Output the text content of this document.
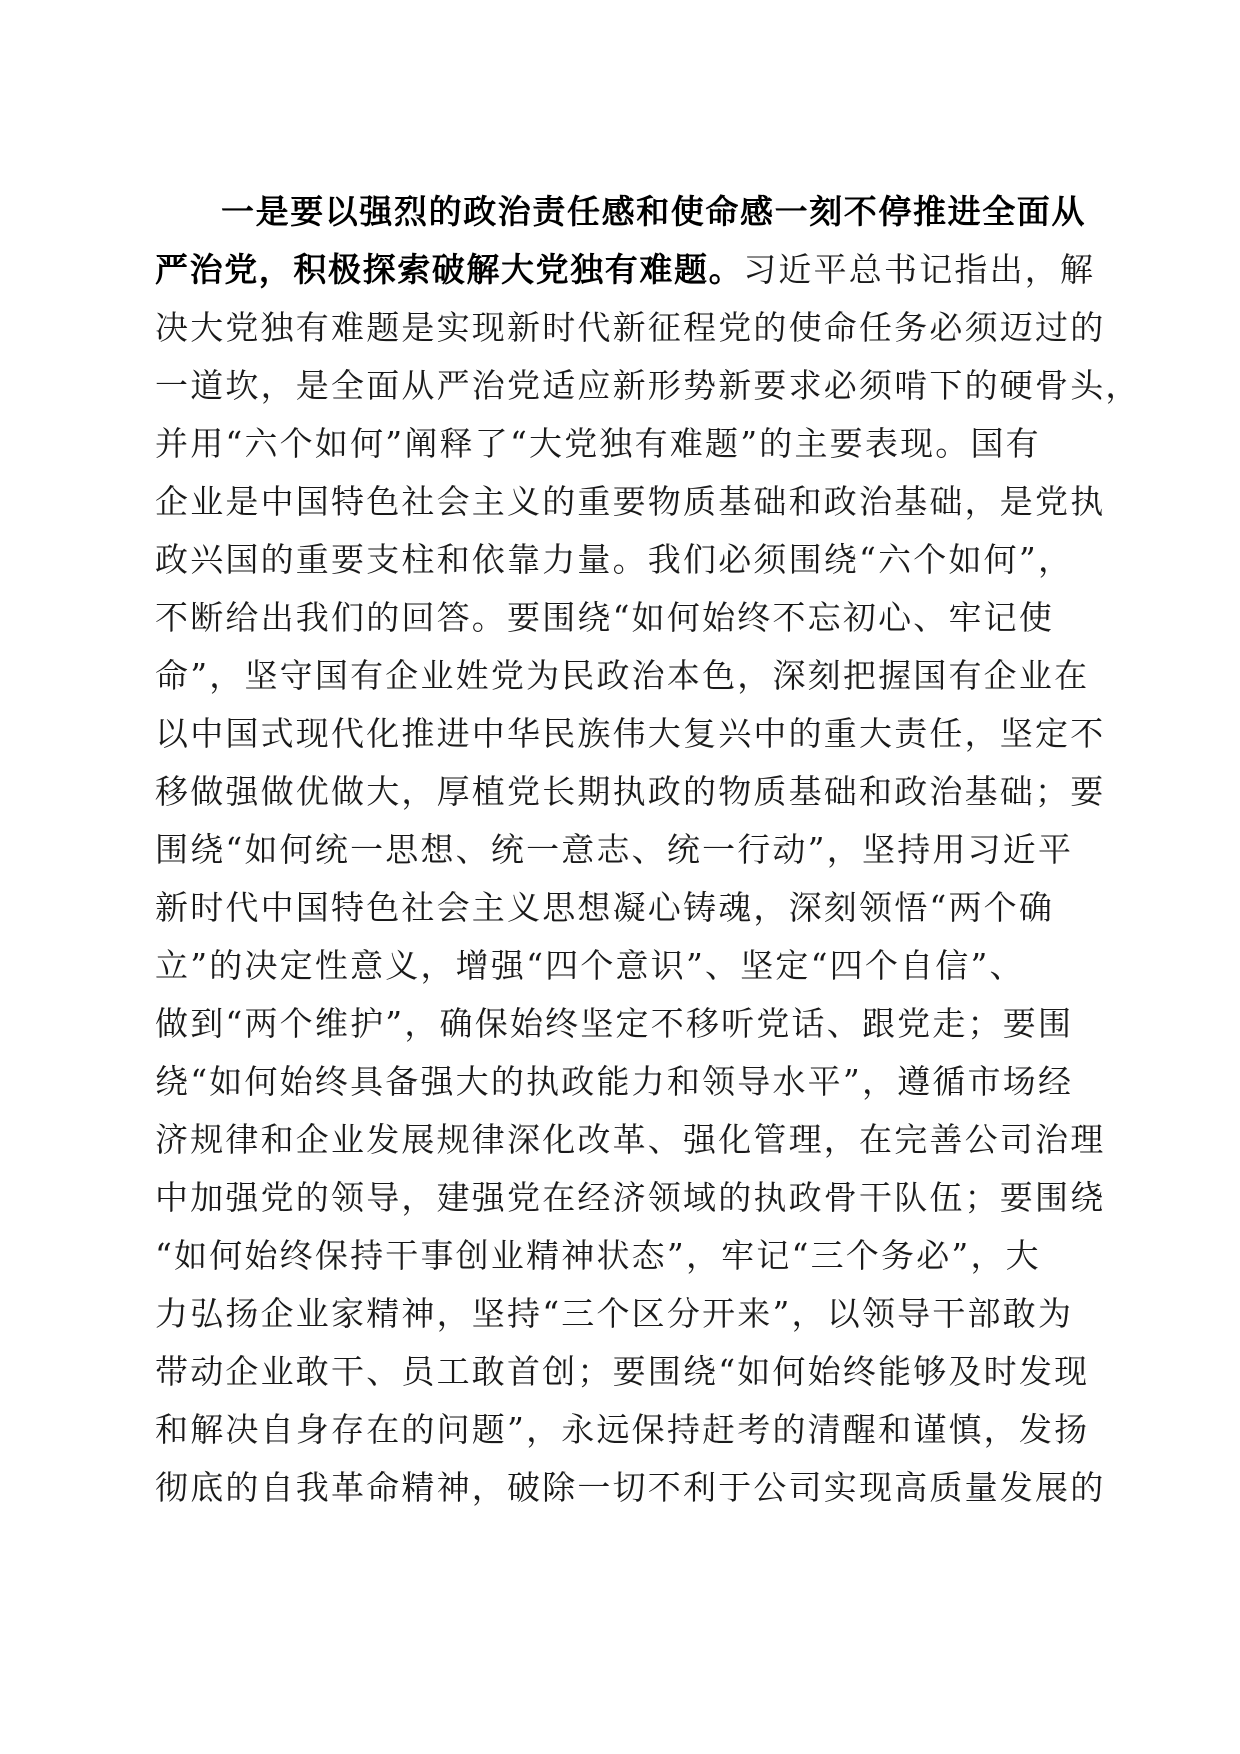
一是要以强烈的政治责任感和使命感一刻不停推进全面从
严治党，积极探索破解大党独有难题。习近平总书记指出，解
决大党独有难题是实现新时代新征程党的使命任务必须迈过的
一道坎，是全面从严治党适应新形势新要求必须啃下的硬骨头，
并用“六个如何”阐释了“大党独有难题”的主要表现。国有
企业是中国特色社会主义的重要物质基础和政治基础，是党执
政兴国的重要支柱和依靠力量。我们必须围绕“六个如何”，
不断给出我们的回答。要围绕“如何始终不忘初心、牢记使
命”，坚守国有企业姓党为民政治本色，深刻把握国有企业在
以中国式现代化推进中华民族伟大复兴中的重大责任，坚定不
移做强做优做大，厚植党长期执政的物质基础和政治基础；要
围绕“如何统一思想、统一意志、统一行动”，坚持用习近平
新时代中国特色社会主义思想凝心铸魂，深刻领悟“两个确
立”的决定性意义，增强“四个意识”、坚定“四个自信”、
做到“两个维护”，确保始终坚定不移听党话、跟党走；要围
绕“如何始终具备强大的执政能力和领导水平”，遵循市场经
济规律和企业发展规律深化改革、强化管理，在完善公司治理
中加强党的领导，建强党在经济领域的执政骨干队伍；要围绕
“如何始终保持干事创业精神状态”，牢记“三个务必”，大
力弘扬企业家精神，坚持“三个区分开来”，以领导干部敢为
带动企业敢干、员工敢首创；要围绕“如何始终能够及时发现
和解决自身存在的问题”，永远保持赶考的清醒和谨慎，发扬
彻底的自我革命精神，破除一切不利于公司实现高质量发展的
